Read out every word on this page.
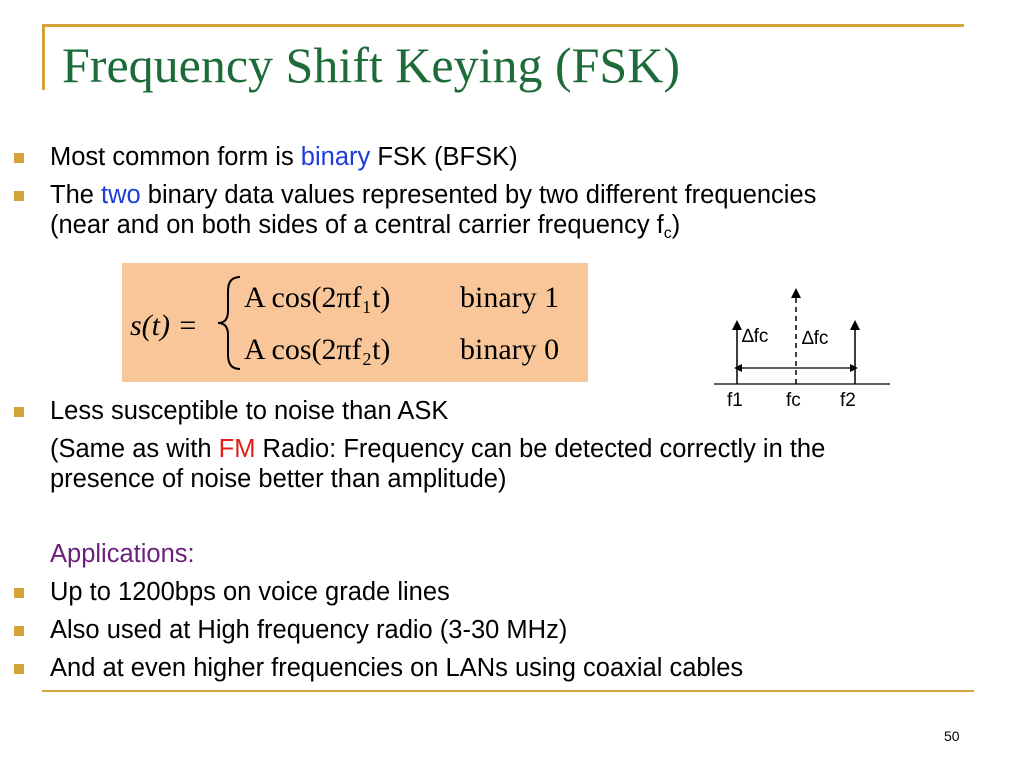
Frequency Shift Keying (FSK)
Most common form is binary FSK (BFSK)
The two binary data values represented by two different frequencies
(near and on both sides of a central carrier frequency $f_c$)
s(t) =
A cos(2πf₁t) binary 1
A cos(2πf₂t) binary 0	∆fc ∆fc
f1 fc f2
Less susceptible to noise than ASK
(Same as with FM Radio: Frequency can be detected correctly in the
presence of noise better than amplitude)
Applications:
Up to 1200bps on voice grade lines
Also used at High frequency radio (3-30 MHz)
And at even higher frequencies on LANs using coaxial cables
50
